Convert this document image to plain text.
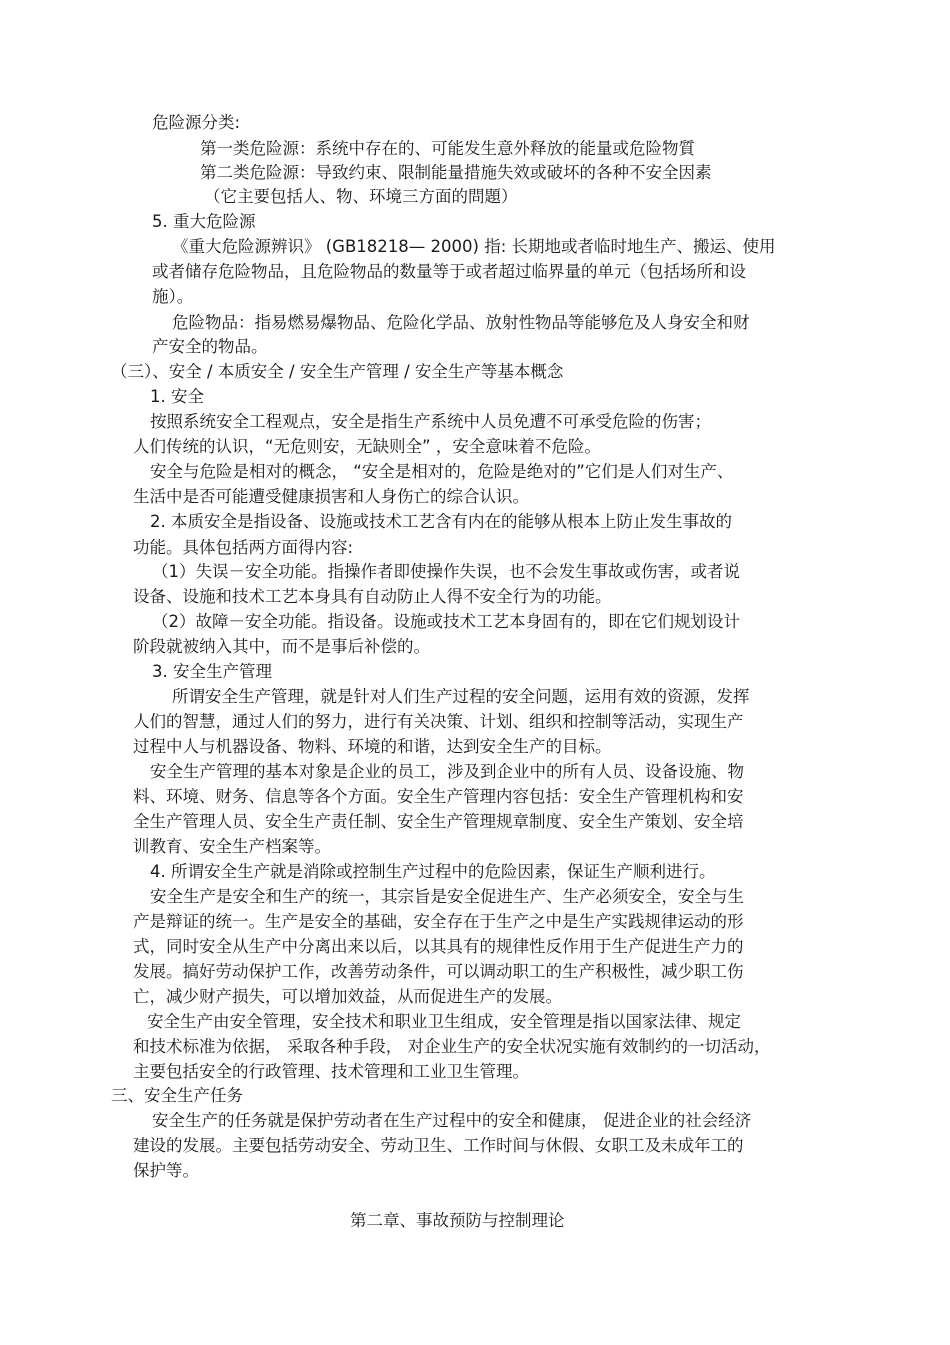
危险源分类:
第一类危险源：系统中存在的、可能发生意外释放的能量或危险物質
第二类危险源：导致约束、限制能量措施失效或破坏的各种不安全因素
（它主要包括人、物、环境三方面的問題）
5. 重大危险源
《重大危险源辨识》 (GB18218— 2000) 指: 长期地或者临时地生产、搬运、使用
或者储存危险物品，且危险物品的数量等于或者超过临界量的单元（包括场所和设
施）。
危险物品：指易燃易爆物品、危险化学品、放射性物品等能够危及人身安全和财
产安全的物品。
（三）、安全 / 本质安全 / 安全生产管理 / 安全生产等基本概念
1. 安全
按照系统安全工程观点，安全是指生产系统中人员免遭不可承受危险的伤害；
人们传统的认识，“无危则安，无缺则全” ，安全意味着不危险。
安全与危险是相对的概念， “安全是相对的，危险是绝对的”它们是人们对生产、
生活中是否可能遭受健康损害和人身伤亡的综合认识。
2. 本质安全是指设备、设施或技术工艺含有内在的能够从根本上防止发生事故的
功能。具体包括两方面得内容:
（1）失误－安全功能。指操作者即使操作失误，也不会发生事故或伤害，或者说
设备、设施和技术工艺本身具有自动防止人得不安全行为的功能。
（2）故障－安全功能。指设备。设施或技术工艺本身固有的，即在它们规划设计
阶段就被纳入其中，而不是事后补偿的。
3. 安全生产管理
所谓安全生产管理，就是针对人们生产过程的安全问题，运用有效的资源，发挥
人们的智慧，通过人们的努力，进行有关决策、计划、组织和控制等活动，实现生产
过程中人与机器设备、物料、环境的和谐，达到安全生产的目标。
安全生产管理的基本对象是企业的员工，涉及到企业中的所有人员、设备设施、物
料、环境、财务、信息等各个方面。安全生产管理内容包括：安全生产管理机构和安
全生产管理人员、安全生产责任制、安全生产管理规章制度、安全生产策划、安全培
训教育、安全生产档案等。
4. 所谓安全生产就是消除或控制生产过程中的危险因素，保证生产顺利进行。
安全生产是安全和生产的统一，其宗旨是安全促进生产、生产必须安全，安全与生
产是辩证的统一。生产是安全的基础，安全存在于生产之中是生产实践规律运动的形
式，同时安全从生产中分离出来以后，以其具有的规律性反作用于生产促进生产力的
发展。搞好劳动保护工作，改善劳动条件，可以调动职工的生产积极性，减少职工伤
亡，减少财产损失，可以增加效益，从而促进生产的发展。
安全生产由安全管理，安全技术和职业卫生组成，安全管理是指以国家法律、规定
和技术标准为依据， 采取各种手段， 对企业生产的安全状况实施有效制约的一切活动，
主要包括安全的行政管理、技术管理和工业卫生管理。
三、安全生产任务
安全生产的任务就是保护劳动者在生产过程中的安全和健康， 促进企业的社会经济
建设的发展。主要包括劳动安全、劳动卫生、工作时间与休假、女职工及未成年工的
保护等。
第二章、事故预防与控制理论
